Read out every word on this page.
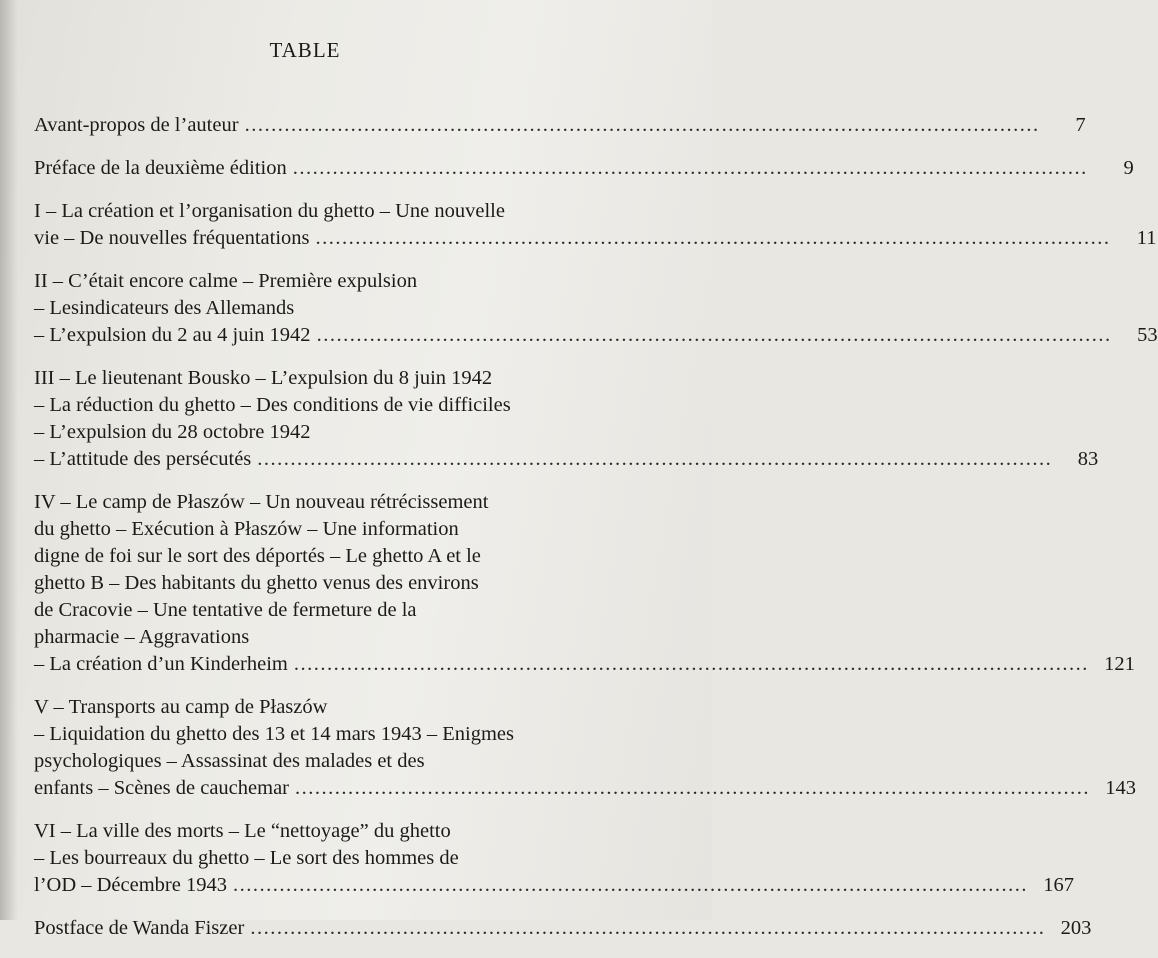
TABLE
Avant-propos de l’auteur .....	7
Préface de la deuxième édition .....	9
I – La création et l’organisation du ghetto – Une nouvelle
vie – De nouvelles fréquentations .....	11
II – C’était encore calme – Première expulsion
– Lesindicateurs des Allemands
– L’expulsion du 2 au 4 juin 1942 .....	53
III – Le lieutenant Bousko – L’expulsion du 8 juin 1942
– La réduction du ghetto – Des conditions de vie difficiles
– L’expulsion du 28 octobre 1942
– L’attitude des persécutés .....	83
IV – Le camp de Płaszów – Un nouveau rétrécissement
du ghetto – Exécution à Płaszów – Une information
digne de foi sur le sort des déportés – Le ghetto A et le
ghetto B – Des habitants du ghetto venus des environs
de Cracovie – Une tentative de fermeture de la
pharmacie – Aggravations
– La création d’un Kinderheim .....	121
V – Transports au camp de Płaszów
– Liquidation du ghetto des 13 et 14 mars 1943 – Enigmes
psychologiques – Assassinat des malades et des
enfants – Scènes de cauchemar .....	143
VI – La ville des morts – Le “nettoyage” du ghetto
– Les bourreaux du ghetto – Le sort des hommes de
l’OD – Décembre 1943 .....	167
Postface de Wanda Fiszer .....	203
